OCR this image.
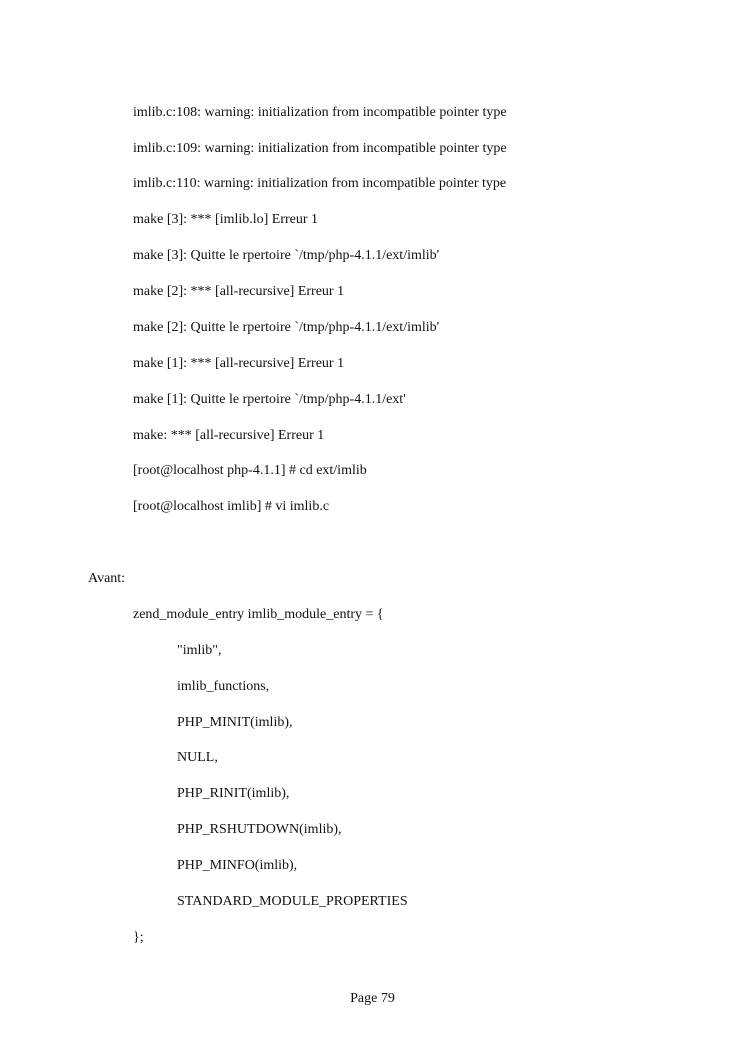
imlib.c:108: warning: initialization from incompatible pointer type
imlib.c:109: warning: initialization from incompatible pointer type
imlib.c:110: warning: initialization from incompatible pointer type
make [3]: *** [imlib.lo] Erreur 1
make [3]: Quitte le rpertoire `/tmp/php-4.1.1/ext/imlib'
make [2]: *** [all-recursive] Erreur 1
make [2]: Quitte le rpertoire `/tmp/php-4.1.1/ext/imlib'
make [1]: *** [all-recursive] Erreur 1
make [1]: Quitte le rpertoire `/tmp/php-4.1.1/ext'
make: *** [all-recursive] Erreur 1
[root@localhost php-4.1.1] # cd ext/imlib
[root@localhost imlib] # vi imlib.c
Avant:
zend_module_entry imlib_module_entry = {
"imlib",
imlib_functions,
PHP_MINIT(imlib),
NULL,
PHP_RINIT(imlib),
PHP_RSHUTDOWN(imlib),
PHP_MINFO(imlib),
STANDARD_MODULE_PROPERTIES
};
Page 79
